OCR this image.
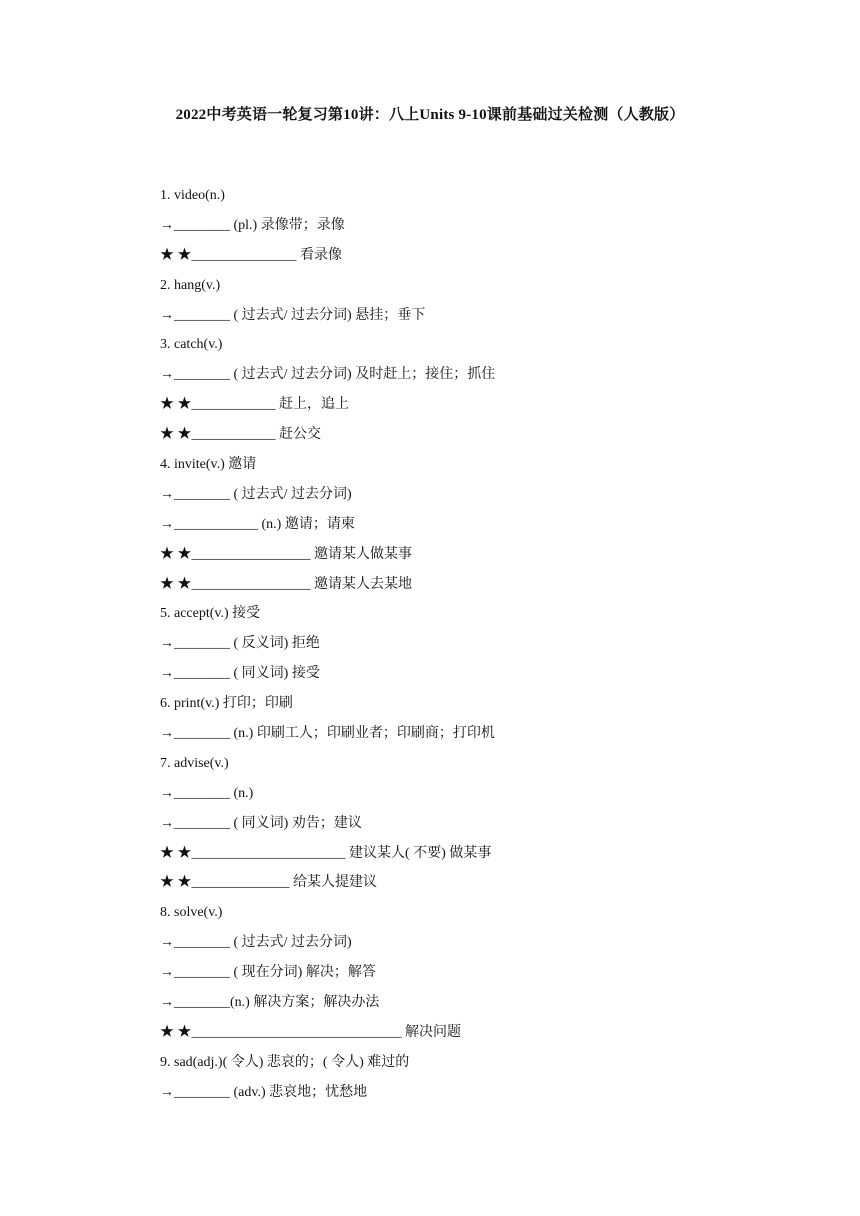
2022中考英语一轮复习第10讲：八上Units 9-10课前基础过关检测（人教版）
1. video(n.)
→________ (pl.) 录像带；录像
★ ★_______________ 看录像
2. hang(v.)
→________ ( 过去式/ 过去分词) 悬挂；垂下
3. catch(v.)
→________ ( 过去式/ 过去分词) 及时赶上；接住；抓住
★ ★____________ 赶上，追上
★ ★____________ 赶公交
4. invite(v.) 邀请
→________ ( 过去式/ 过去分词)
→____________ (n.) 邀请；请柬
★ ★_________________ 邀请某人做某事
★ ★_________________ 邀请某人去某地
5. accept(v.) 接受
→________ ( 反义词) 拒绝
→________ ( 同义词) 接受
6. print(v.) 打印；印刷
→________ (n.) 印刷工人；印刷业者；印刷商；打印机
7. advise(v.)
→________ (n.)
→________ ( 同义词) 劝告；建议
★ ★______________________ 建议某人( 不要) 做某事
★ ★______________ 给某人提建议
8. solve(v.)
→________ ( 过去式/ 过去分词)
→________ ( 现在分词) 解决；解答
→________(n.) 解决方案；解决办法
★ ★______________________________ 解决问题
9. sad(adj.)( 令人) 悲哀的；( 令人) 难过的
→________ (adv.) 悲哀地；忧愁地
